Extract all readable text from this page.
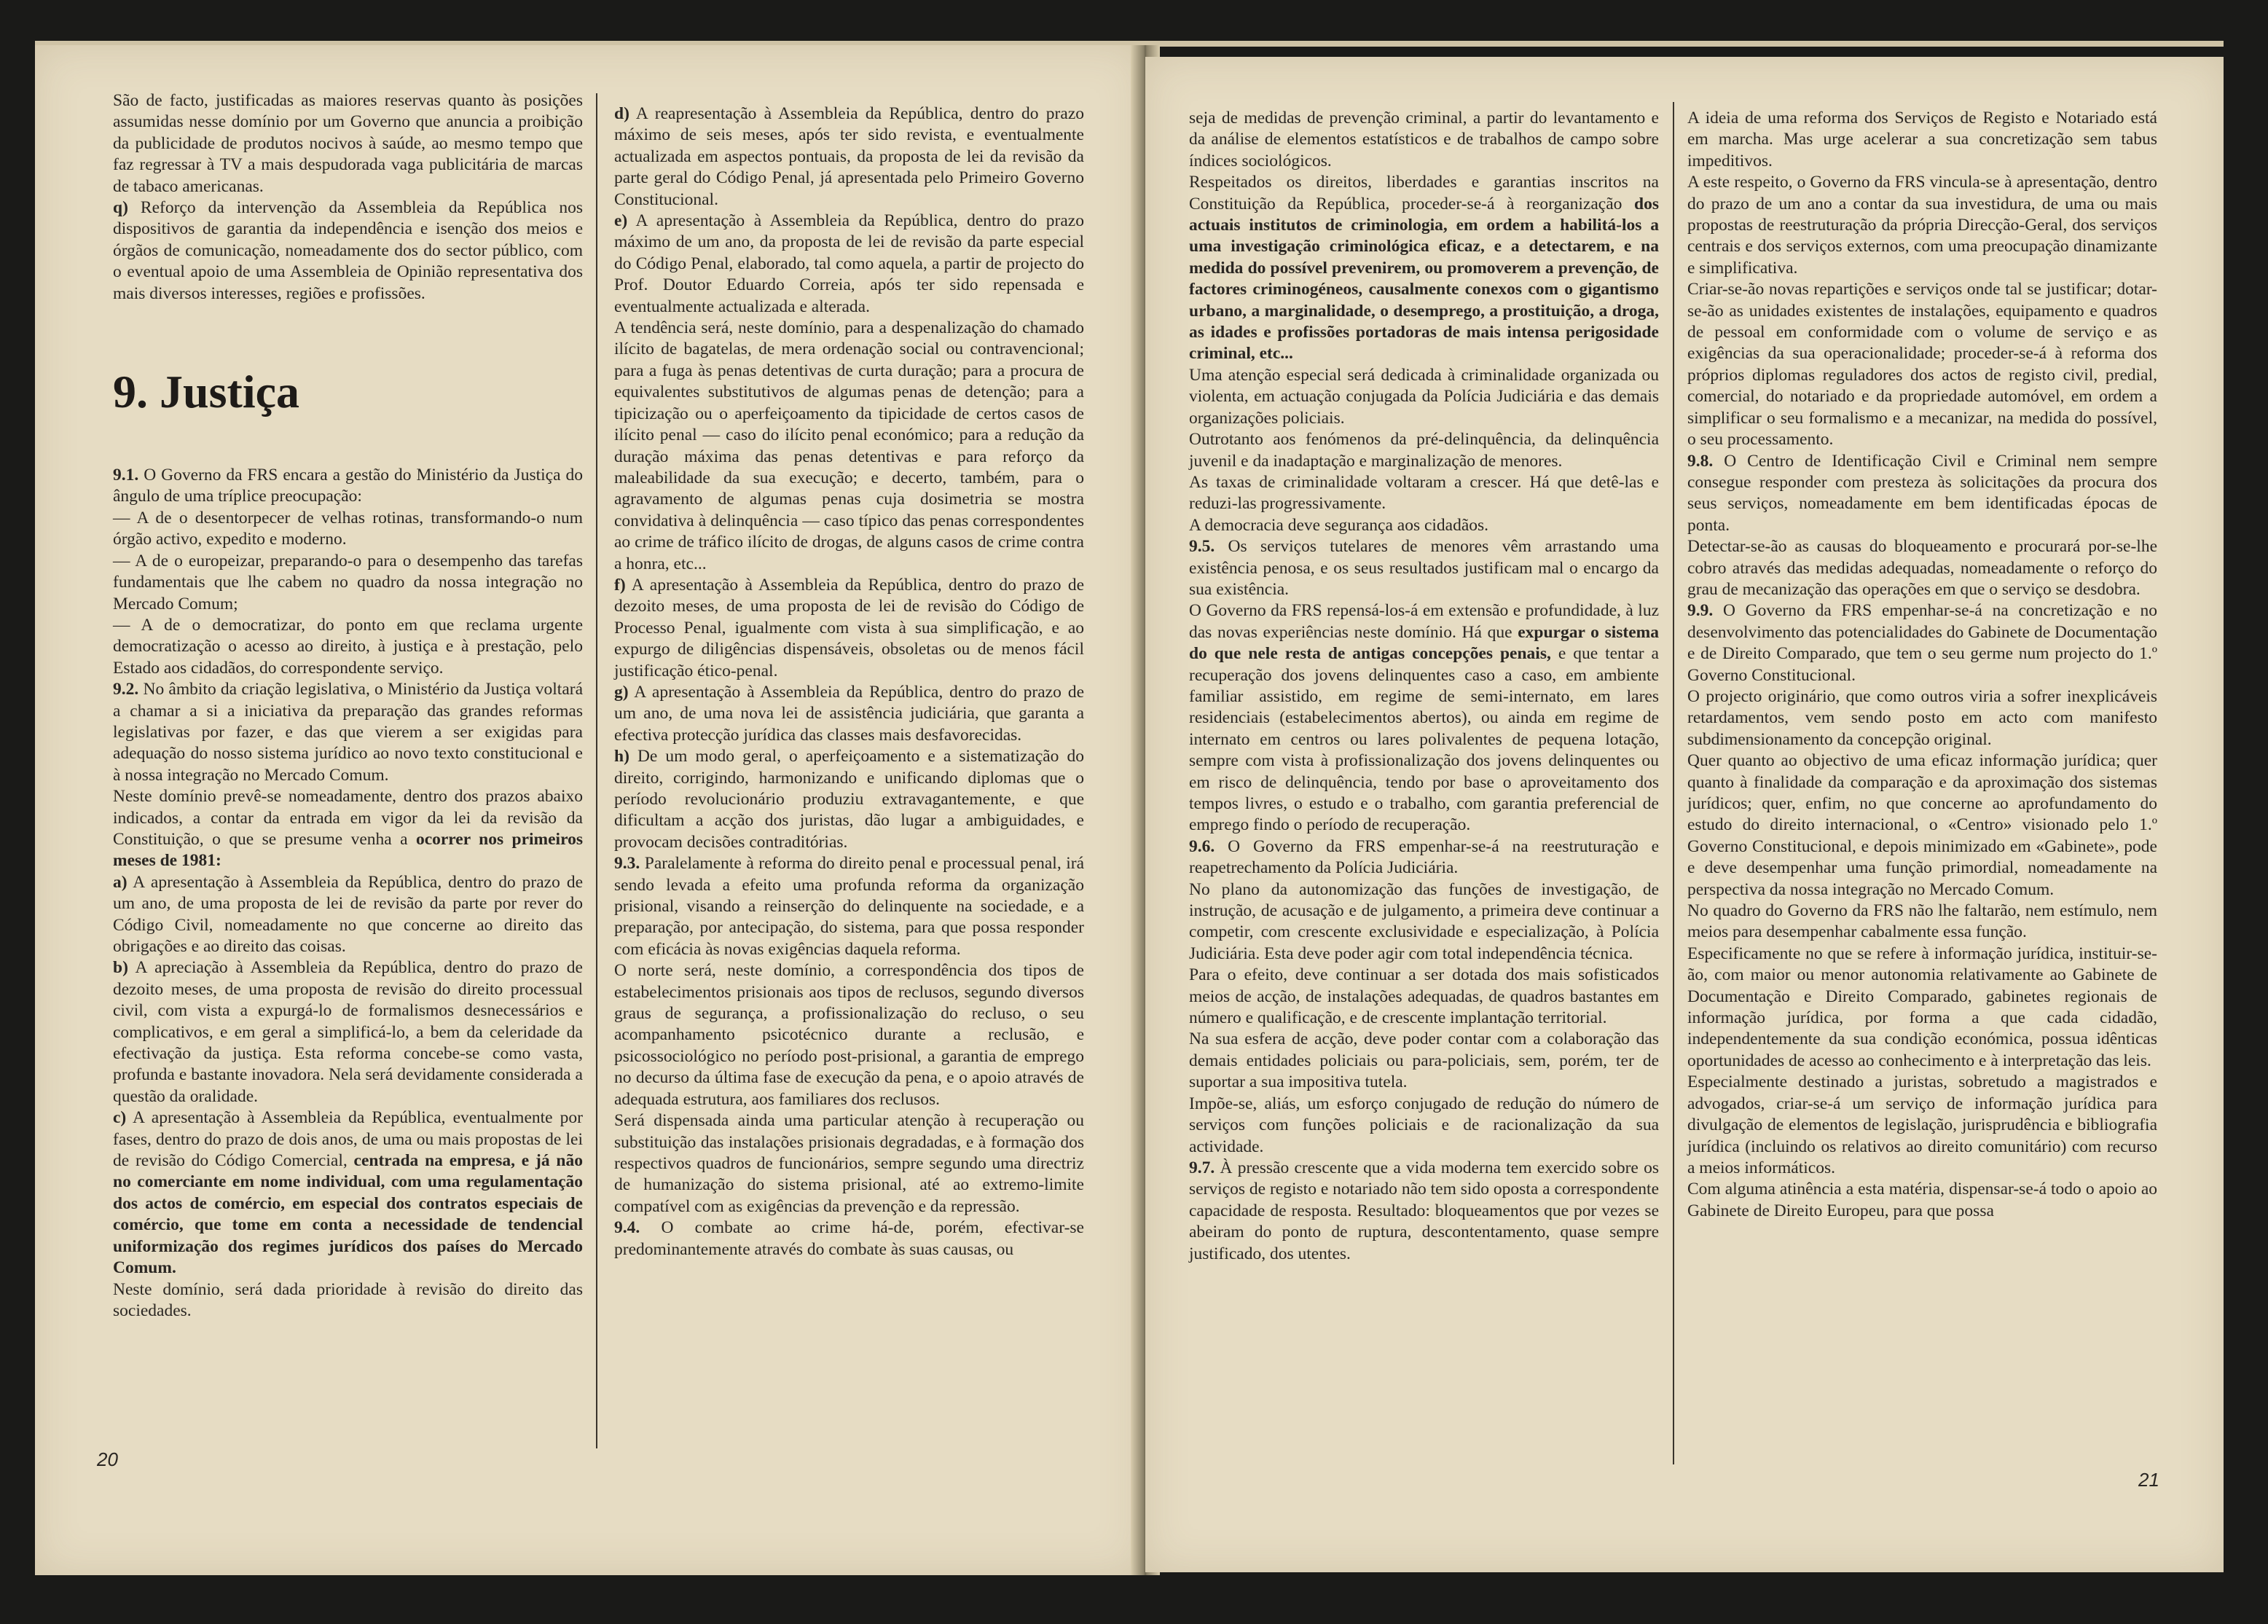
São de facto, justificadas as maiores reservas quanto às posições assumidas nesse domínio por um Governo que anuncia a proibição da publicidade de produtos nocivos à saúde, ao mesmo tempo que faz regressar à TV a mais despudorada vaga publicitária de marcas de tabaco americanas.

q) Reforço da intervenção da Assembleia da República nos dispositivos de garantia da independência e isenção dos meios e órgãos de comunicação, nomeadamente dos do sector público, com o eventual apoio de uma Assembleia de Opinião representativa dos mais diversos interesses, regiões e profissões.

9. Justiça

9.1. O Governo da FRS encara a gestão do Ministério da Justiça do ângulo de uma tríplice preocupação:

— A de o desentorpecer de velhas rotinas, transformando-o num órgão activo, expedito e moderno.

— A de o europeizar, preparando-o para o desempenho das tarefas fundamentais que lhe cabem no quadro da nossa integração no Mercado Comum;

— A de o democratizar, do ponto em que reclama urgente democratização o acesso ao direito, à justiça e à prestação, pelo Estado aos cidadãos, do correspondente serviço.

9.2. No âmbito da criação legislativa, o Ministério da Justiça voltará a chamar a si a iniciativa da preparação das grandes reformas legislativas por fazer, e das que vierem a ser exigidas para adequação do nosso sistema jurídico ao novo texto constitucional e à nossa integração no Mercado Comum.

Neste domínio prevê-se nomeadamente, dentro dos prazos abaixo indicados, a contar da entrada em vigor da lei da revisão da Constituição, o que se presume venha a ocorrer nos primeiros meses de 1981:

a) A apresentação à Assembleia da República, dentro do prazo de um ano, de uma proposta de lei de revisão da parte por rever do Código Civil, nomeadamente no que concerne ao direito das obrigações e ao direito das coisas.

b) A apreciação à Assembleia da República, dentro do prazo de dezoito meses, de uma proposta de revisão do direito processual civil, com vista a expurgá-lo de formalismos desnecessários e complicativos, e em geral a simplificá-lo, a bem da celeridade da efectivação da justiça. Esta reforma concebe-se como vasta, profunda e bastante inovadora. Nela será devidamente considerada a questão da oralidade.

c) A apresentação à Assembleia da República, eventualmente por fases, dentro do prazo de dois anos, de uma ou mais propostas de lei de revisão do Código Comercial, centrada na empresa, e já não no comerciante em nome individual, com uma regulamentação dos actos de comércio, em especial dos contratos especiais de comércio, que tome em conta a necessidade de tendencial uniformização dos regimes jurídicos dos países do Mercado Comum.

Neste domínio, será dada prioridade à revisão do direito das sociedades.

d) A reapresentação à Assembleia da República, dentro do prazo máximo de seis meses, após ter sido revista, e eventualmente actualizada em aspectos pontuais, da proposta de lei da revisão da parte geral do Código Penal, já apresentada pelo Primeiro Governo Constitucional.

e) A apresentação à Assembleia da República, dentro do prazo máximo de um ano, da proposta de lei de revisão da parte especial do Código Penal, elaborado, tal como aquela, a partir de projecto do Prof. Doutor Eduardo Correia, após ter sido repensada e eventualmente actualizada e alterada.

A tendência será, neste domínio, para a despenalização do chamado ilícito de bagatelas, de mera ordenação social ou contravencional; para a fuga às penas detentivas de curta duração; para a procura de equivalentes substitutivos de algumas penas de detenção; para a tipicização ou o aperfeiçoamento da tipicidade de certos casos de ilícito penal — caso do ilícito penal económico; para a redução da duração máxima das penas detentivas e para reforço da maleabilidade da sua execução; e decerto, também, para o agravamento de algumas penas cuja dosimetria se mostra convidativa à delinquência — caso típico das penas correspondentes ao crime de tráfico ilícito de drogas, de alguns casos de crime contra a honra, etc...

f) A apresentação à Assembleia da República, dentro do prazo de dezoito meses, de uma proposta de lei de revisão do Código de Processo Penal, igualmente com vista à sua simplificação, e ao expurgo de diligências dispensáveis, obsoletas ou de menos fácil justificação ético-penal.

g) A apresentação à Assembleia da República, dentro do prazo de um ano, de uma nova lei de assistência judiciária, que garanta a efectiva protecção jurídica das classes mais desfavorecidas.

h) De um modo geral, o aperfeiçoamento e a sistematização do direito, corrigindo, harmonizando e unificando diplomas que o período revolucionário produziu extravagantemente, e que dificultam a acção dos juristas, dão lugar a ambiguidades, e provocam decisões contraditórias.

9.3. Paralelamente à reforma do direito penal e processual penal, irá sendo levada a efeito uma profunda reforma da organização prisional, visando a reinserção do delinquente na sociedade, e a preparação, por antecipação, do sistema, para que possa responder com eficácia às novas exigências daquela reforma.

O norte será, neste domínio, a correspondência dos tipos de estabelecimentos prisionais aos tipos de reclusos, segundo diversos graus de segurança, a profissionalização do recluso, o seu acompanhamento psicotécnico durante a reclusão, e psicossociológico no período post-prisional, a garantia de emprego no decurso da última fase de execução da pena, e o apoio através de adequada estrutura, aos familiares dos reclusos.

Será dispensada ainda uma particular atenção à recuperação ou substituição das instalações prisionais degradadas, e à formação dos respectivos quadros de funcionários, sempre segundo uma directriz de humanização do sistema prisional, até ao extremo-limite compatível com as exigências da prevenção e da repressão.

9.4. O combate ao crime há-de, porém, efectivar-se predominantemente através do combate às suas causas, ou

20

seja de medidas de prevenção criminal, a partir do levantamento e da análise de elementos estatísticos e de trabalhos de campo sobre índices sociológicos.

Respeitados os direitos, liberdades e garantias inscritos na Constituição da República, proceder-se-á à reorganização dos actuais institutos de criminologia, em ordem a habilitá-los a uma investigação criminológica eficaz, e a detectarem, e na medida do possível prevenirem, ou promoverem a prevenção, de factores criminogéneos, causalmente conexos com o gigantismo urbano, a marginalidade, o desemprego, a prostituição, a droga, as idades e profissões portadoras de mais intensa perigosidade criminal, etc...

Uma atenção especial será dedicada à criminalidade organizada ou violenta, em actuação conjugada da Polícia Judiciária e das demais organizações policiais.

Outrotanto aos fenómenos da pré-delinquência, da delinquência juvenil e da inadaptação e marginalização de menores.

As taxas de criminalidade voltaram a crescer. Há que detê-las e reduzi-las progressivamente.

A democracia deve segurança aos cidadãos.

9.5. Os serviços tutelares de menores vêm arrastando uma existência penosa, e os seus resultados justificam mal o encargo da sua existência.

O Governo da FRS repensá-los-á em extensão e profundidade, à luz das novas experiências neste domínio. Há que expurgar o sistema do que nele resta de antigas concepções penais, e que tentar a recuperação dos jovens delinquentes caso a caso, em ambiente familiar assistido, em regime de semi-internato, em lares residenciais (estabelecimentos abertos), ou ainda em regime de internato em centros ou lares polivalentes de pequena lotação, sempre com vista à profissionalização dos jovens delinquentes ou em risco de delinquência, tendo por base o aproveitamento dos tempos livres, o estudo e o trabalho, com garantia preferencial de emprego findo o período de recuperação.

9.6. O Governo da FRS empenhar-se-á na reestruturação e reapetrechamento da Polícia Judiciária.

No plano da autonomização das funções de investigação, de instrução, de acusação e de julgamento, a primeira deve continuar a competir, com crescente exclusividade e especialização, à Polícia Judiciária. Esta deve poder agir com total independência técnica.

Para o efeito, deve continuar a ser dotada dos mais sofisticados meios de acção, de instalações adequadas, de quadros bastantes em número e qualificação, e de crescente implantação territorial.

Na sua esfera de acção, deve poder contar com a colaboração das demais entidades policiais ou para-policiais, sem, porém, ter de suportar a sua impositiva tutela.

Impõe-se, aliás, um esforço conjugado de redução do número de serviços com funções policiais e de racionalização da sua actividade.

9.7. À pressão crescente que a vida moderna tem exercido sobre os serviços de registo e notariado não tem sido oposta a correspondente capacidade de resposta. Resultado: bloqueamentos que por vezes se abeiram do ponto de ruptura, descontentamento, quase sempre justificado, dos utentes.

A ideia de uma reforma dos Serviços de Registo e Notariado está em marcha. Mas urge acelerar a sua concretização sem tabus impeditivos.

A este respeito, o Governo da FRS vincula-se à apresentação, dentro do prazo de um ano a contar da sua investidura, de uma ou mais propostas de reestruturação da própria Direcção-Geral, dos serviços centrais e dos serviços externos, com uma preocupação dinamizante e simplificativa.

Criar-se-ão novas repartições e serviços onde tal se justificar; dotar-se-ão as unidades existentes de instalações, equipamento e quadros de pessoal em conformidade com o volume de serviço e as exigências da sua operacionalidade; proceder-se-á à reforma dos próprios diplomas reguladores dos actos de registo civil, predial, comercial, do notariado e da propriedade automóvel, em ordem a simplificar o seu formalismo e a mecanizar, na medida do possível, o seu processamento.

9.8. O Centro de Identificação Civil e Criminal nem sempre consegue responder com presteza às solicitações da procura dos seus serviços, nomeadamente em bem identificadas épocas de ponta.

Detectar-se-ão as causas do bloqueamento e procurará por-se-lhe cobro através das medidas adequadas, nomeadamente o reforço do grau de mecanização das operações em que o serviço se desdobra.

9.9. O Governo da FRS empenhar-se-á na concretização e no desenvolvimento das potencialidades do Gabinete de Documentação e de Direito Comparado, que tem o seu germe num projecto do 1.º Governo Constitucional.

O projecto originário, que como outros viria a sofrer inexplicáveis retardamentos, vem sendo posto em acto com manifesto subdimensionamento da concepção original.

Quer quanto ao objectivo de uma eficaz informação jurídica; quer quanto à finalidade da comparação e da aproximação dos sistemas jurídicos; quer, enfim, no que concerne ao aprofundamento do estudo do direito internacional, o «Centro» visionado pelo 1.º Governo Constitucional, e depois minimizado em «Gabinete», pode e deve desempenhar uma função primordial, nomeadamente na perspectiva da nossa integração no Mercado Comum.

No quadro do Governo da FRS não lhe faltarão, nem estímulo, nem meios para desempenhar cabalmente essa função.

Especificamente no que se refere à informação jurídica, instituir-se-ão, com maior ou menor autonomia relativamente ao Gabinete de Documentação e Direito Comparado, gabinetes regionais de informação jurídica, por forma a que cada cidadão, independentemente da sua condição económica, possua idênticas oportunidades de acesso ao conhecimento e à interpretação das leis.

Especialmente destinado a juristas, sobretudo a magistrados e advogados, criar-se-á um serviço de informação jurídica para divulgação de elementos de legislação, jurisprudência e bibliografia jurídica (incluindo os relativos ao direito comunitário) com recurso a meios informáticos.

Com alguma atinência a esta matéria, dispensar-se-á todo o apoio ao Gabinete de Direito Europeu, para que possa

21
